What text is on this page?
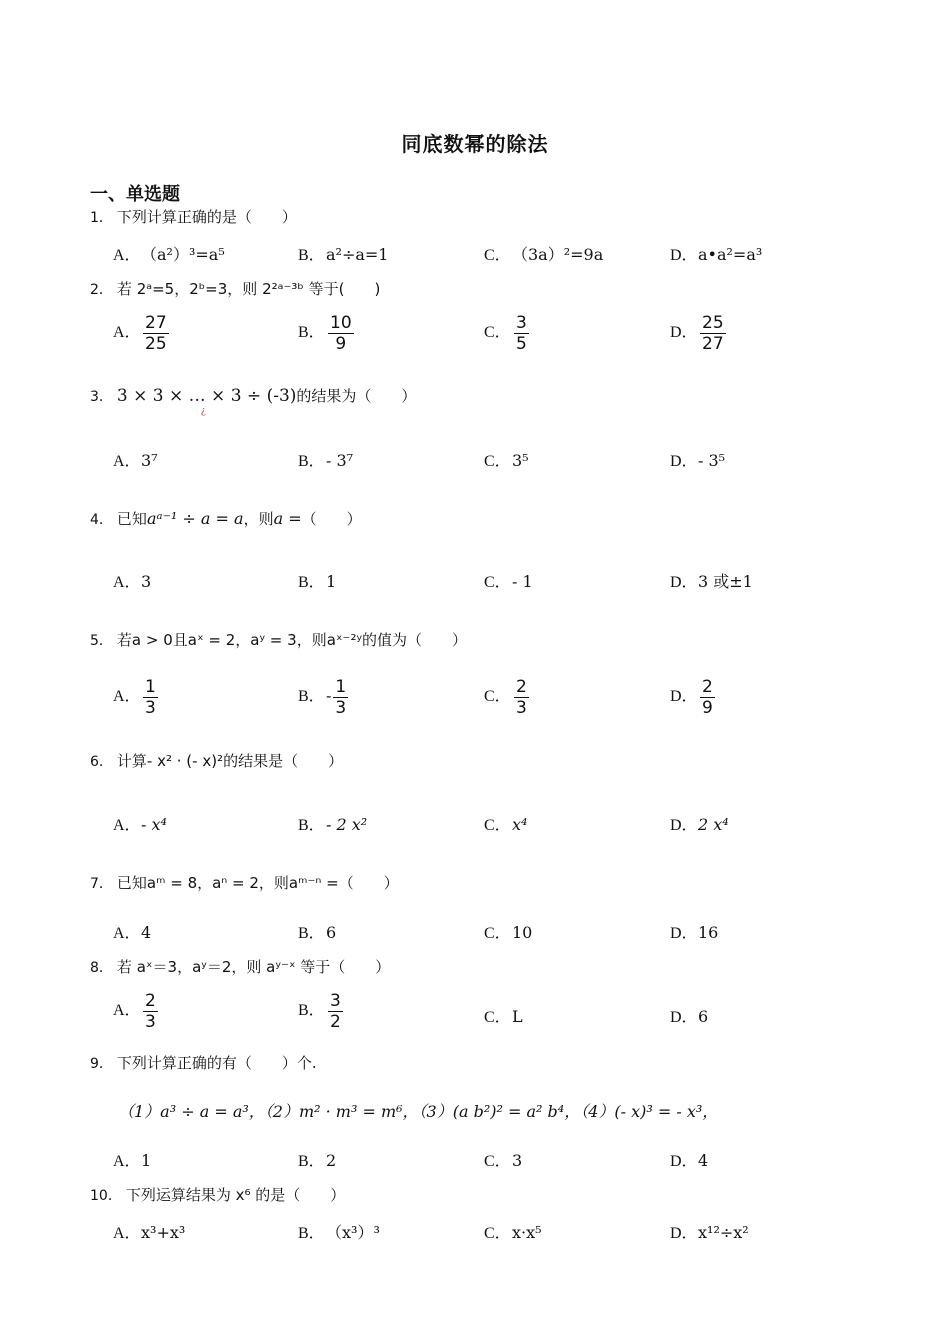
同底数幂的除法
一、单选题
1． 下列计算正确的是（　　）
A．（a²）³=a⁵	B．a²÷a=1	C．（3a）²=9a	D．a•a²=a³
2． 若 2ᵃ=5，2ᵇ=3，则 2²ᵃ⁻³ᵇ 等于(　　)
A． $\frac{27}{25}$	B． $\frac{10}{9}$	C． $\frac{3}{5}$	D． $\frac{25}{27}$
3． 3 × 3 × … × 3 ÷ (-3)的结果为（　　）
¿
A．3⁷	B．- 3⁷	C．3⁵	D．- 3⁵
4． 已知aᵃ⁻¹ ÷ a = a，则a =（　　）
A．3	B．1	C．- 1	D．3 或±1
5． 若a > 0且aˣ = 2，aʸ = 3，则aˣ⁻²ʸ的值为（　　）
A． $\frac{1}{3}$	B．- $\frac{1}{3}$	C． $\frac{2}{3}$	D． $\frac{2}{9}$
6． 计算- x² · (- x)²的结果是（　　）
A．- x⁴	B．- 2 x²	C．x⁴	D．2 x⁴
7． 已知aᵐ = 8，aⁿ = 2，则aᵐ⁻ⁿ =（　　）
A．4	B．6	C．10	D．16
8． 若 aˣ＝3，aʸ＝2，则 aʸ⁻ˣ 等于（　　）
A． $\frac{2}{3}$	B． $\frac{3}{2}$	C．L	D．6
9． 下列计算正确的有（　　）个.
（1）a³ ÷ a = a³，（2）m² · m³ = m⁶，（3）(a b²)² = a² b⁴，（4）(- x)³ = - x³，
A．1	B．2	C．3	D．4
10． 下列运算结果为 x⁶ 的是（　　）
A．x³+x³	B．（x³）³	C．x·x⁵	D．x¹²÷x²
